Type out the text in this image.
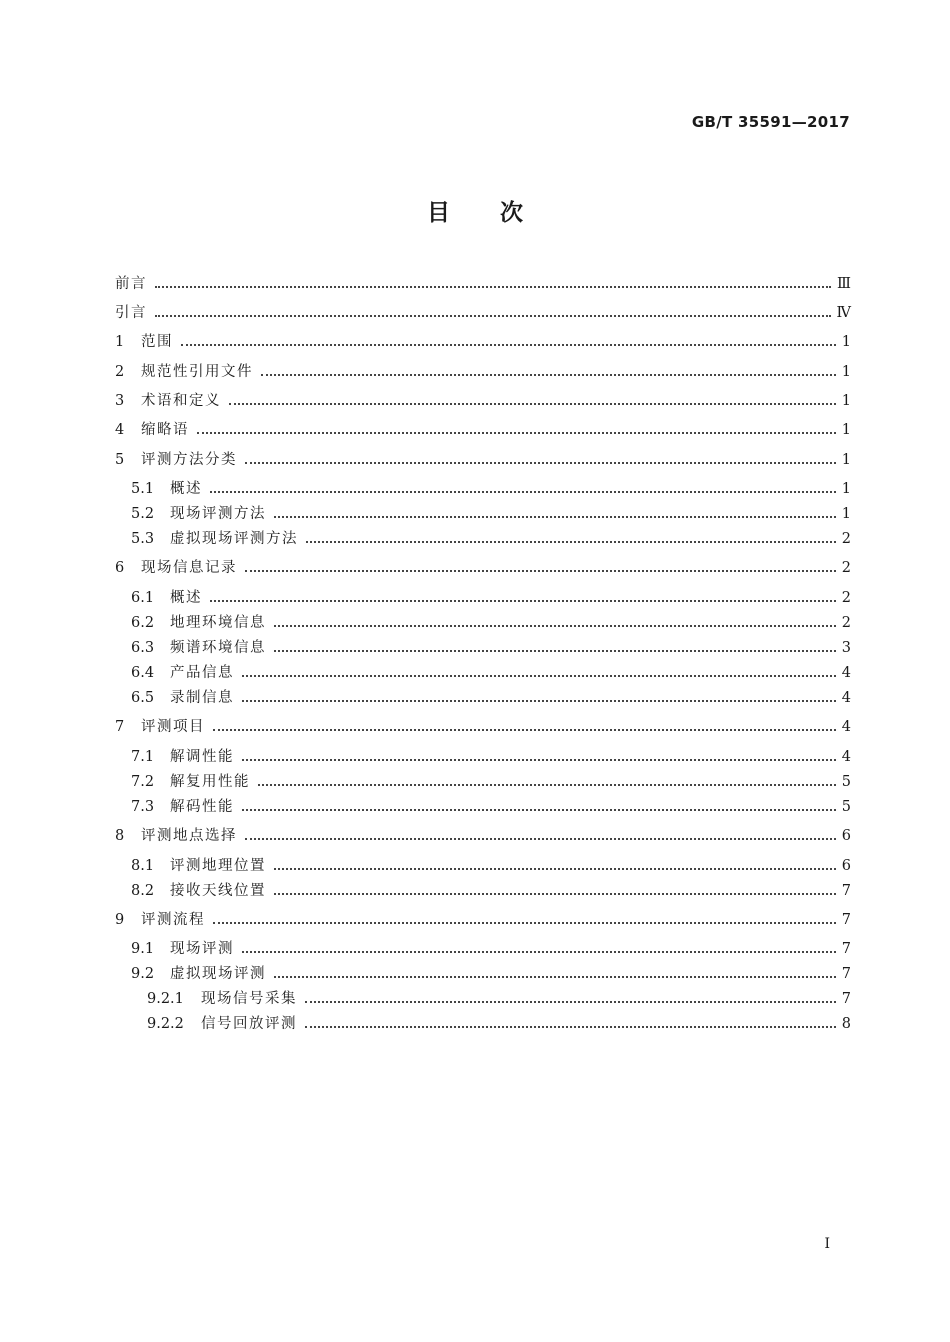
GB/T 35591—2017
目次
前言	Ⅲ
引言	Ⅳ
1	范围	1
2	规范性引用文件	1
3	术语和定义	1
4	缩略语	1
5	评测方法分类	1
5.1	概述	1
5.2	现场评测方法	1
5.3	虚拟现场评测方法	2
6	现场信息记录	2
6.1	概述	2
6.2	地理环境信息	2
6.3	频谱环境信息	3
6.4	产品信息	4
6.5	录制信息	4
7	评测项目	4
7.1	解调性能	4
7.2	解复用性能	5
7.3	解码性能	5
8	评测地点选择	6
8.1	评测地理位置	6
8.2	接收天线位置	7
9	评测流程	7
9.1	现场评测	7
9.2	虚拟现场评测	7
9.2.1	现场信号采集	7
9.2.2	信号回放评测	8
I
